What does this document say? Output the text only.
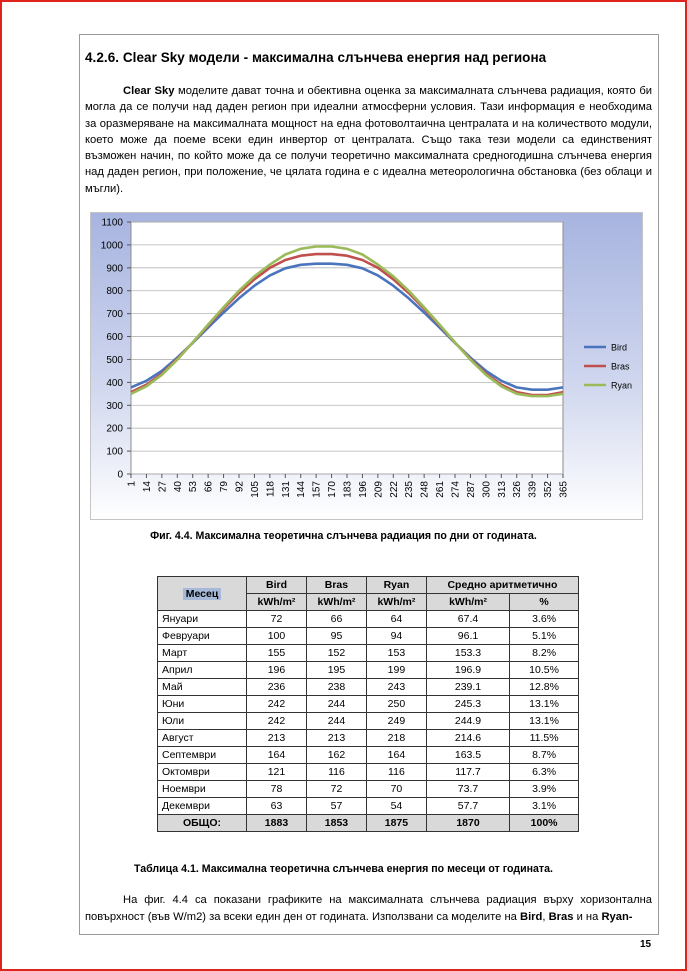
4.2.6. Clear Sky модели - максимална слънчева енергия над региона

Clear Sky моделите дават точна и обективна оценка за максималната слънчева радиация, която би могла да се получи над даден регион при идеални атмосферни условия. Тази информация е необходима за оразмеряване на максималната мощност на една фотоволтаична централата и на количеството модули, което може да поеме всеки един инвертор от централата. Също така тези модели са единственият възможен начин, по който може да се получи теоретично максималната средногодишна слънчева енергия над даден регион, при положение, че цялата година е с идеална метеорологична обстановка (без облаци и мъгли).

0
100
200
300
400
500
600
700
800
900
1000
1100
1 14 27 40 53 66 79 92 105 118 131 144 157 170 183 196 209 222 235 248 261 274 287 300 313 326 339 352 365
Bird
Bras
Ryan
Фиг. 4.4. Максимална теоретична слънчева радиация по дни от годината.
Месец	Bird	Bras	Ryan	Средно аритметично	
	kWh/m²	kWh/m²	kWh/m²	kWh/m²	%
Януари	72	66	64	67.4	3.6%
Февруари	100	95	94	96.1	5.1%
Март	155	152	153	153.3	8.2%
Април	196	195	199	196.9	10.5%
Май	236	238	243	239.1	12.8%
Юни	242	244	250	245.3	13.1%
Юли	242	244	249	244.9	13.1%
Август	213	213	218	214.6	11.5%
Септември	164	162	164	163.5	8.7%
Октомври	121	116	116	117.7	6.3%
Ноември	78	72	70	73.7	3.9%
Декември	63	57	54	57.7	3.1%
ОБЩО:	1883	1853	1875	1870	100%
Таблица 4.1. Максимална теоретична слънчева енергия по месеци от годината.

На фиг. 4.4 са показани графиките на максималната слънчева радиация върху хоризонтална повърхност (във W/m2) за всеки един ден от годината. Използвани са моделите на Bird, Bras и на Ryan-

15
